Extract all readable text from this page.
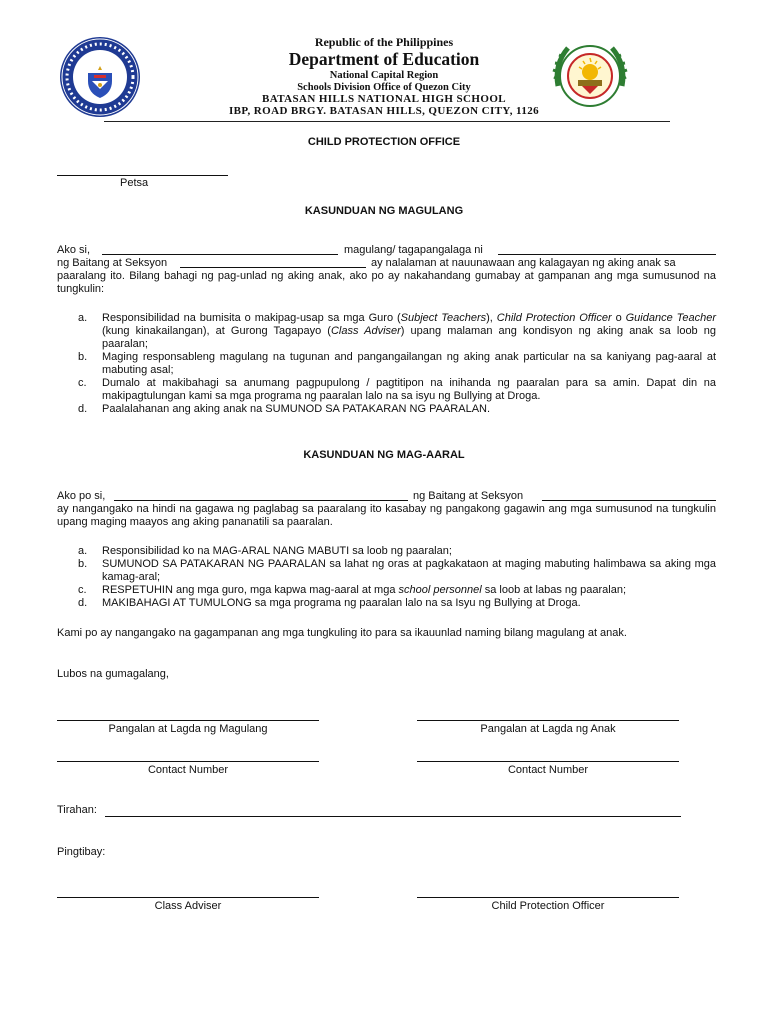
Republic of the Philippines
Department of Education
National Capital Region
Schools Division Office of Quezon City
BATASAN HILLS NATIONAL HIGH SCHOOL
IBP, ROAD BRGY. BATASAN HILLS, QUEZON CITY, 1126
CHILD PROTECTION OFFICE
Petsa
KASUNDUAN NG MAGULANG
Ako si,	magulang/ tagapangalaga ni
ng Baitang at Seksyon	ay nalalaman at nauunawaan ang kalagayan ng aking anak sa
paaralang ito. Bilang bahagi ng pag-unlad ng aking anak, ako po ay nakahandang gumabay at gampanan ang mga sumusunod na tungkulin:
a. Responsibilidad na bumisita o makipag-usap sa mga Guro (Subject Teachers), Child Protection Officer o Guidance Teacher (kung kinakailangan), at Gurong Tagapayo (Class Adviser) upang malaman ang kondisyon ng aking anak sa loob ng paaralan;
b. Maging responsableng magulang na tugunan and pangangailangan ng aking anak particular na sa kaniyang pag-aaral at mabuting asal;
c. Dumalo at makibahagi sa anumang pagpupulong / pagtitipon na inihanda ng paaralan para sa amin. Dapat din na makipagtulungan kami sa mga programa ng paaralan lalo na sa isyu ng Bullying at Droga.
d. Paalalahanan ang aking anak na SUMUNOD SA PATAKARAN NG PAARALAN.
KASUNDUAN NG MAG-AARAL
Ako po si,	ng Baitang at Seksyon
ay nangangako na hindi na gagawa ng paglabag sa paaralang ito kasabay ng pangakong gagawin ang mga sumusunod na tungkulin upang maging maayos ang aking pananatili sa paaralan.
a. Responsibilidad ko na MAG-ARAL NANG MABUTI sa loob ng paaralan;
b. SUMUNOD SA PATAKARAN NG PAARALAN sa lahat ng oras at pagkakataon at maging mabuting halimbawa sa aking mga kamag-aral;
c. RESPETUHIN ang mga guro, mga kapwa mag-aaral at mga school personnel sa loob at labas ng paaralan;
d. MAKIBAHAGI AT TUMULONG sa mga programa ng paaralan lalo na sa Isyu ng Bullying at Droga.
Kami po ay nangangako na gagampanan ang mga tungkuling ito para sa ikauunlad naming bilang magulang at anak.
Lubos na gumagalang,
Pangalan at Lagda ng Magulang	Pangalan at Lagda ng Anak
Contact Number	Contact Number
Tirahan:
Pingtibay:
Class Adviser	Child Protection Officer
